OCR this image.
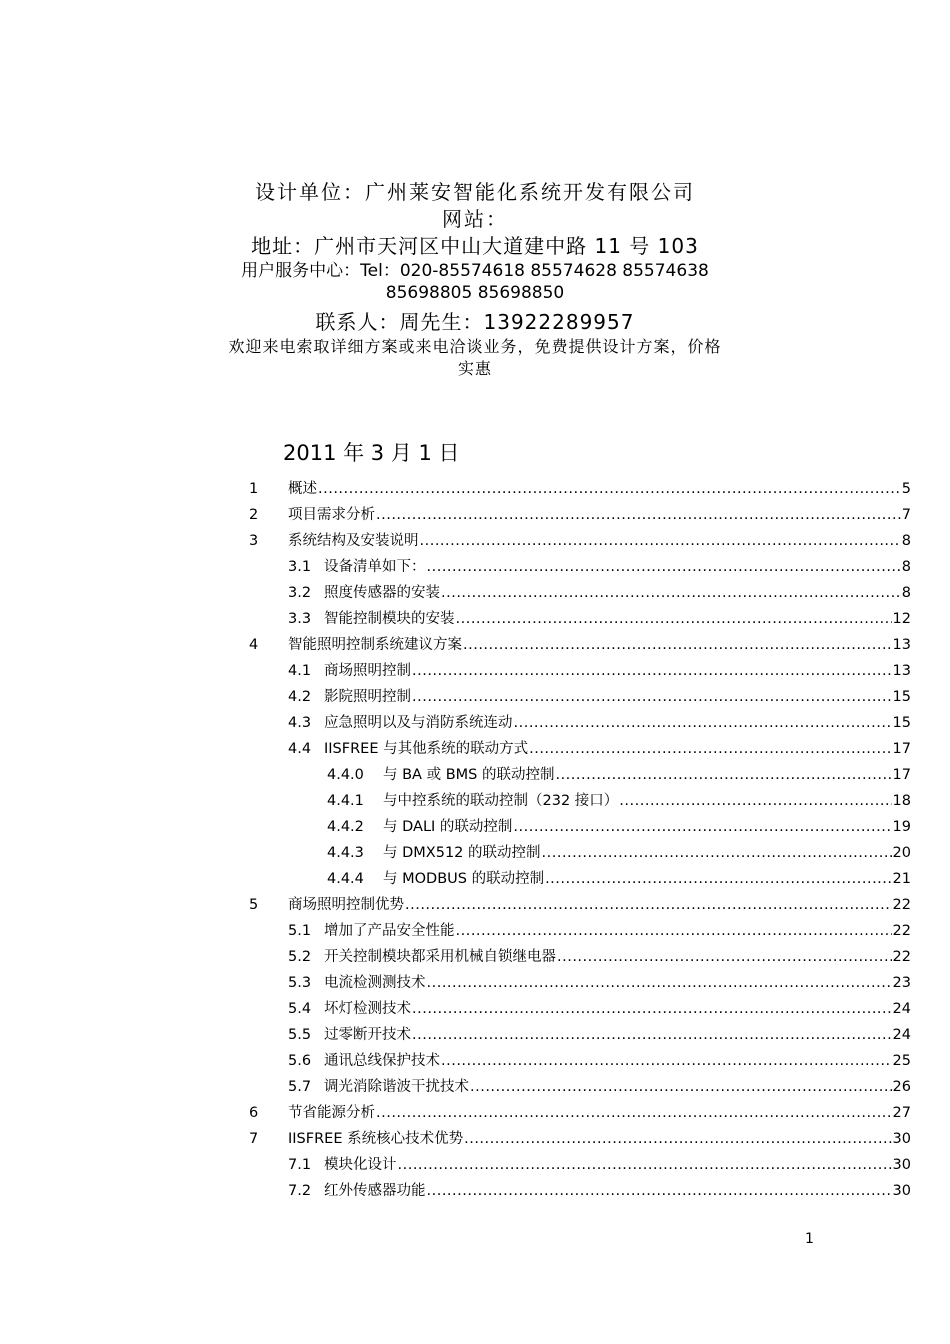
设计单位：广州莱安智能化系统开发有限公司
网站：
地址：广州市天河区中山大道建中路 11 号 103
用户服务中心：Tel：020-85574618 85574628 85574638
85698805 85698850
联系人：周先生：13922289957
欢迎来电索取详细方案或来电洽谈业务，免费提供设计方案，价格
实惠
2011 年 3 月 1 日
1 概述 .....	5
2 项目需求分析 .....	7
3 系统结构及安装说明 .....	8
3.1 设备清单如下： .....	8
3.2 照度传感器的安装 .....	8
3.3 智能控制模块的安装 .....	12
4 智能照明控制系统建议方案 .....	13
4.1 商场照明控制 .....	13
4.2 影院照明控制 .....	15
4.3 应急照明以及与消防系统连动 .....	15
4.4 IISFREE 与其他系统的联动方式 .....	17
4.4.0 与 BA 或 BMS 的联动控制 .....	17
4.4.1 与中控系统的联动控制（232 接口） .....	18
4.4.2 与 DALI 的联动控制 .....	19
4.4.3 与 DMX512 的联动控制 .....	20
4.4.4 与 MODBUS 的联动控制 .....	21
5 商场照明控制优势 .....	22
5.1 增加了产品安全性能 .....	22
5.2 开关控制模块都采用机械自锁继电器 .....	22
5.3 电流检测测技术 .....	23
5.4 坏灯检测技术 .....	24
5.5 过零断开技术 .....	24
5.6 通讯总线保护技术 .....	25
5.7 调光消除谐波干扰技术 .....	26
6 节省能源分析 .....	27
7 IISFREE 系统核心技术优势 .....	30
7.1 模块化设计 .....	30
7.2 红外传感器功能 .....	30
1
